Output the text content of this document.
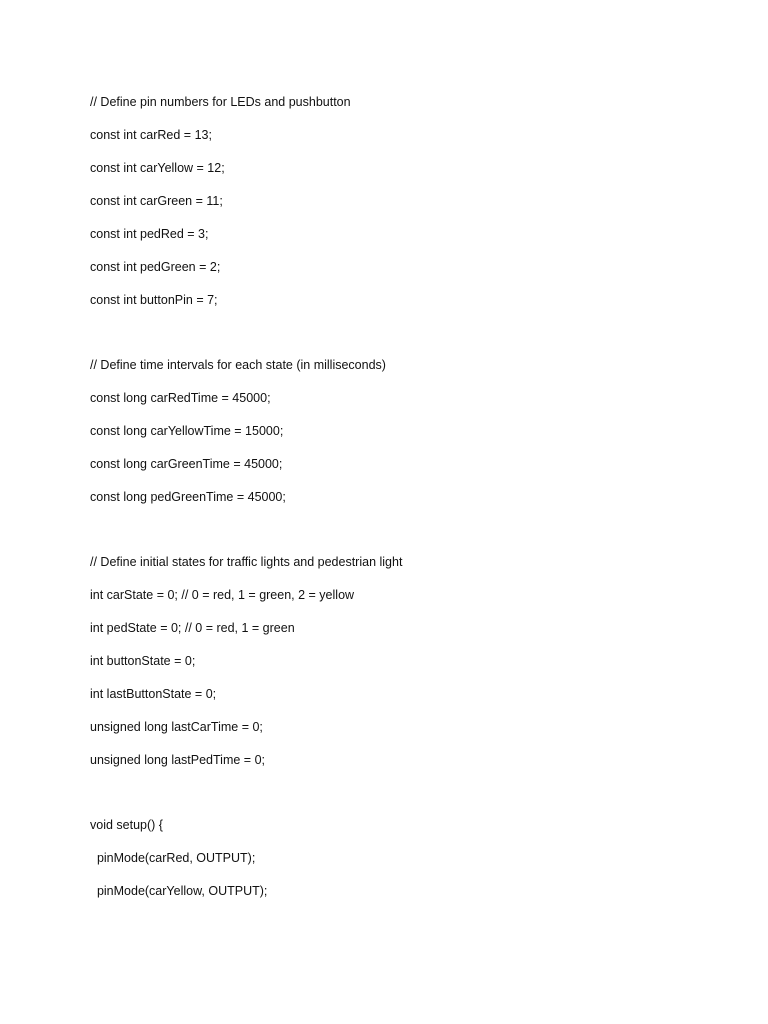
// Define pin numbers for LEDs and pushbutton
const int carRed = 13;
const int carYellow = 12;
const int carGreen = 11;
const int pedRed = 3;
const int pedGreen = 2;
const int buttonPin = 7;
// Define time intervals for each state (in milliseconds)
const long carRedTime = 45000;
const long carYellowTime = 15000;
const long carGreenTime = 45000;
const long pedGreenTime = 45000;
// Define initial states for traffic lights and pedestrian light
int carState = 0; // 0 = red, 1 = green, 2 = yellow
int pedState = 0; // 0 = red, 1 = green
int buttonState = 0;
int lastButtonState = 0;
unsigned long lastCarTime = 0;
unsigned long lastPedTime = 0;
void setup() {
pinMode(carRed, OUTPUT);
pinMode(carYellow, OUTPUT);
